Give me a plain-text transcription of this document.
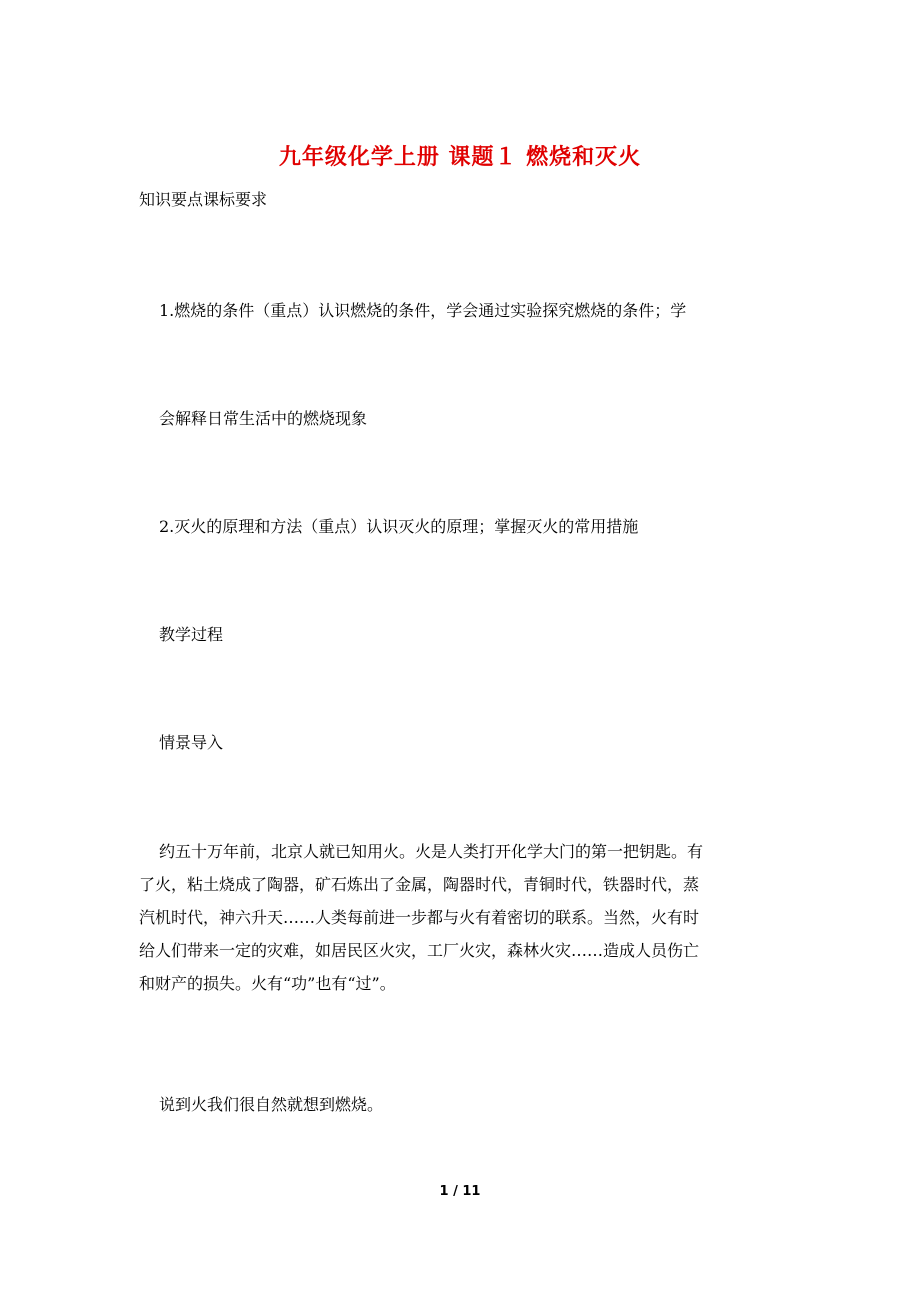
九年级化学上册 课题１ 燃烧和灭火
知识要点课标要求
1.燃烧的条件（重点）认识燃烧的条件，学会通过实验探究燃烧的条件；学
会解释日常生活中的燃烧现象
2.灭火的原理和方法（重点）认识灭火的原理；掌握灭火的常用措施
教学过程
情景导入
约五十万年前，北京人就已知用火。火是人类打开化学大门的第一把钥匙。有
了火，粘土烧成了陶器，矿石炼出了金属，陶器时代，青铜时代，铁器时代，蒸
汽机时代，神六升天……人类每前进一步都与火有着密切的联系。当然，火有时
给人们带来一定的灾难，如居民区火灾，工厂火灾，森林火灾……造成人员伤亡
和财产的损失。火有“功”也有“过”。
说到火我们很自然就想到燃烧。
1 / 11
